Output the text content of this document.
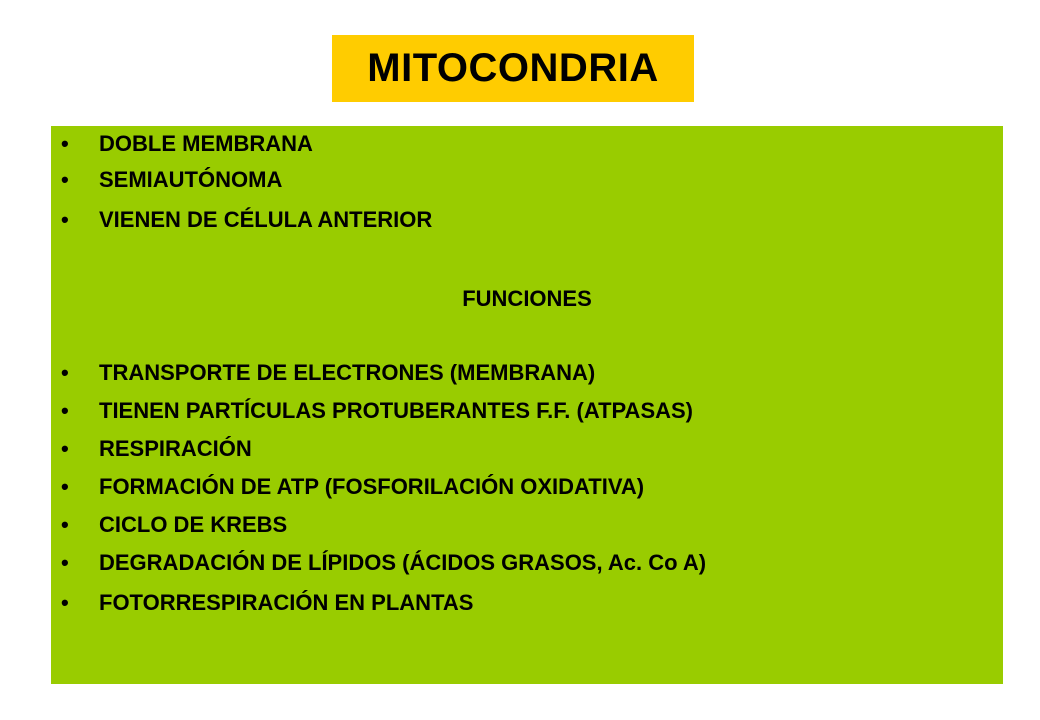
MITOCONDRIA
•	DOBLE MEMBRANA
•	SEMIAUTÓNOMA
•	VIENEN DE CÉLULA ANTERIOR
FUNCIONES
•	TRANSPORTE DE ELECTRONES (MEMBRANA)
•	TIENEN PARTÍCULAS PROTUBERANTES F.F. (ATPASAS)
•	RESPIRACIÓN
•	FORMACIÓN DE ATP (FOSFORILACIÓN OXIDATIVA)
•	CICLO DE KREBS
•	DEGRADACIÓN DE LÍPIDOS (ÁCIDOS GRASOS, Ac. Co A)
•	FOTORRESPIRACIÓN EN PLANTAS
